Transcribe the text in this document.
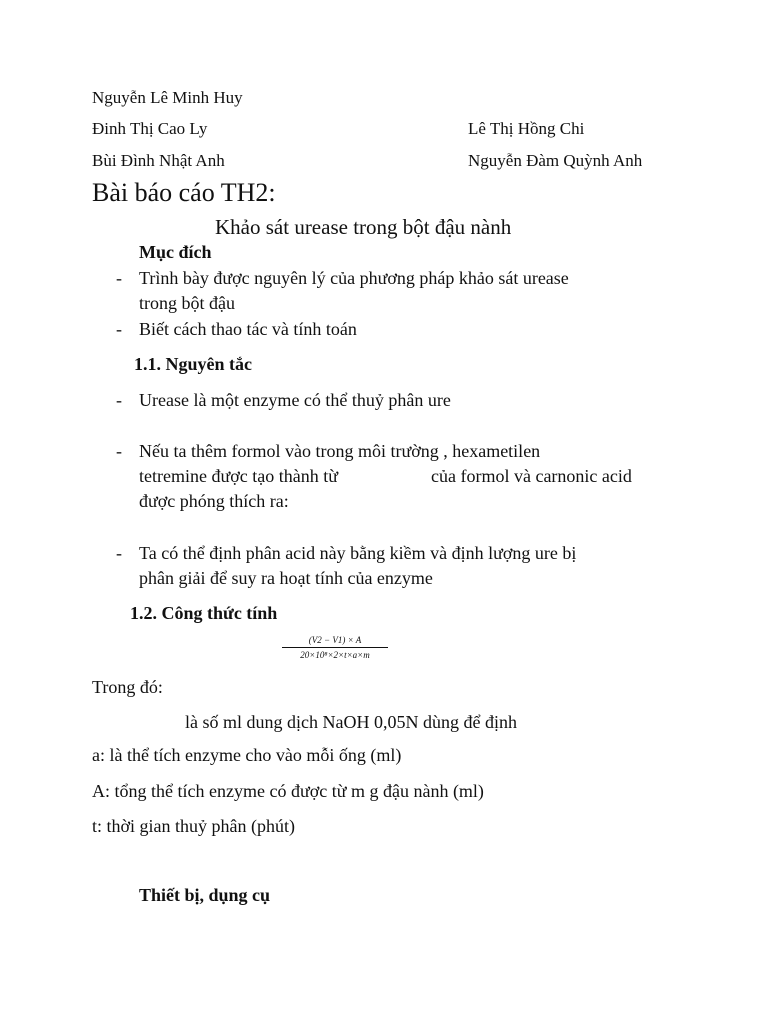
Nguyễn Lê Minh Huy
Đinh Thị Cao Ly
Bùi Đình Nhật Anh
Lê Thị Hồng Chi
Nguyễn Đàm Quỳnh Anh
Bài báo cáo TH2:
Khảo sát urease trong bột đậu nành
Mục đích
- Trình bày được nguyên lý của phương pháp khảo sát urease
trong bột đậu
- Biết cách thao tác và tính toán
1.1. Nguyên tắc
- Urease là một enzyme có thể thuỷ phân ure
- Nếu ta thêm formol vào trong môi trường , hexametilen
tetremine được tạo thành từ	của formol và carnonic acid
được phóng thích ra:
- Ta có thể định phân acid này bằng kiềm và định lượng ure bị
phân giải để suy ra hoạt tính của enzyme
1.2. Công thức tính
(V2 − V1) × A
20×10⁸×2×t×a×m
Trong đó:
là số ml dung dịch NaOH 0,05N dùng để định
a: là thể tích enzyme cho vào mỗi ống (ml)
A: tổng thể tích enzyme có được từ m g đậu nành (ml)
t: thời gian thuỷ phân (phút)
Thiết bị, dụng cụ
